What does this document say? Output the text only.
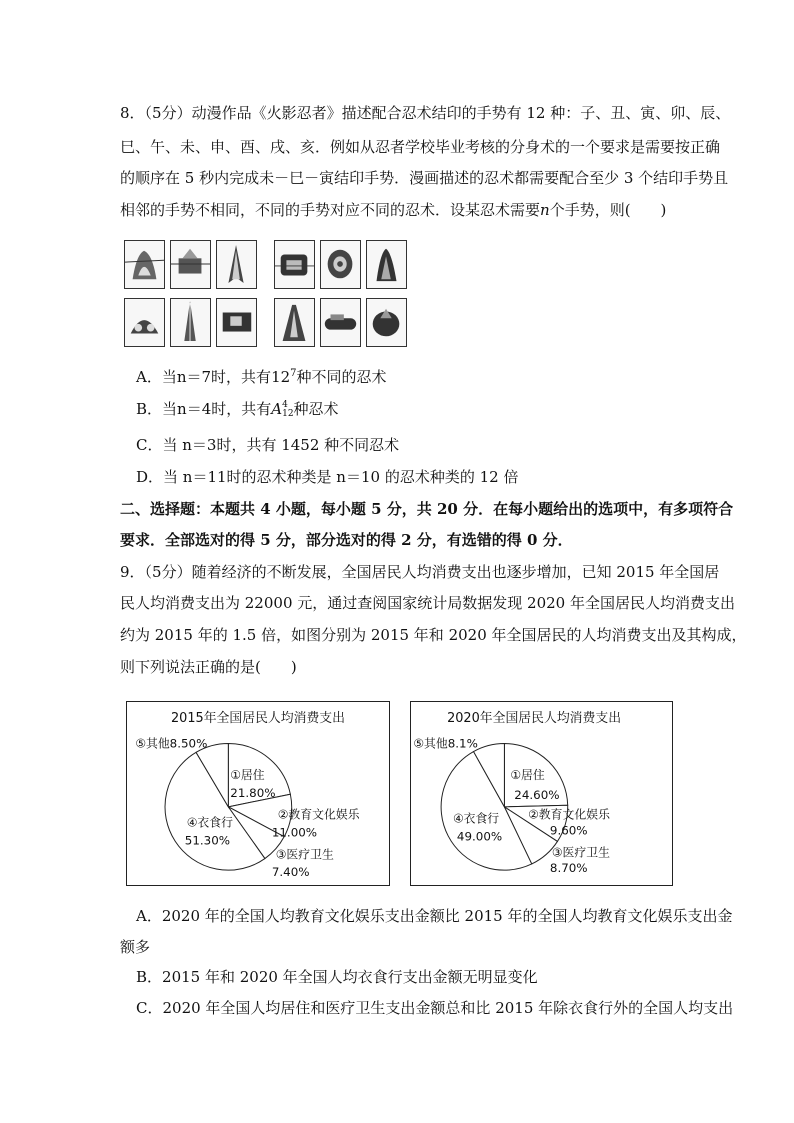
8．（5分）动漫作品《火影忍者》描述配合忍术结印的手势有 12 种：子、丑、寅、卯、辰、
巳、午、未、申、酉、戌、亥．例如从忍者学校毕业考核的分身术的一个要求是需要按正确
的顺序在 5 秒内完成未－巳－寅结印手势．漫画描述的忍术都需要配合至少 3 个结印手势且
相邻的手势不相同，不同的手势对应不同的忍术．设某忍术需要n个手势，则(　　)
A．当n＝7时，共有$12^7$种不同的忍术
B．当n＝4时，共有A 4
12 种忍术
C．当 n＝3时，共有 1452 种不同忍术
D．当 n＝11时的忍术种类是 n＝10 的忍术种类的 12 倍
二、选择题：本题共 4 小题，每小题 5 分，共 20 分．在每小题给出的选项中，有多项符合
要求．全部选对的得 5 分，部分选对的得 2 分，有选错的得 0 分．
9．（5分）随着经济的不断发展，全国居民人均消费支出也逐步增加，已知 2015 年全国居
民人均消费支出为 22000 元，通过查阅国家统计局数据发现 2020 年全国居民人均消费支出
约为 2015 年的 1.5 倍，如图分别为 2015 年和 2020 年全国居民的人均消费支出及其构成，
则下列说法正确的是(　　)
2015年全国居民人均消费支出
①居住
21.80%
②教育文化娱乐
11.00%
③医疗卫生
7.40%
④衣食行
51.30%
⑤其他8.50%
2020年全国居民人均消费支出
①居住
24.60%
②教育文化娱乐
9.60%
③医疗卫生
8.70%
④衣食行
49.00%
⑤其他8.1%
A．2020 年的全国人均教育文化娱乐支出金额比 2015 年的全国人均教育文化娱乐支出金
额多
B．2015 年和 2020 年全国人均衣食行支出金额无明显变化
C．2020 年全国人均居住和医疗卫生支出金额总和比 2015 年除衣食行外的全国人均支出
